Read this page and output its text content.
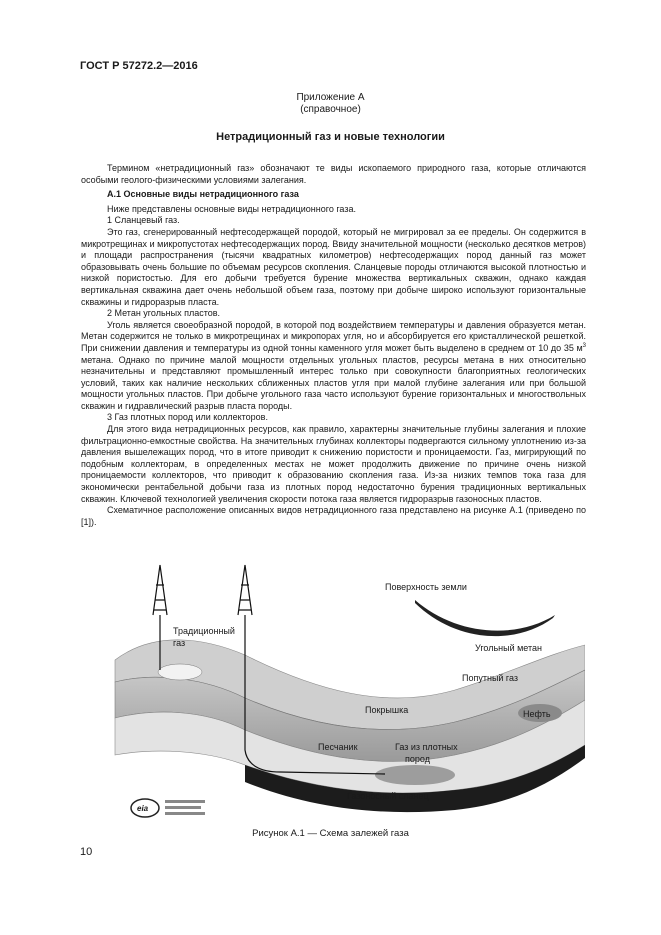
ГОСТ Р 57272.2—2016
Приложение А
(справочное)
Нетрадиционный газ и новые технологии

Термином «нетрадиционный газ» обозначают те виды ископаемого природного газа, которые отличаются особыми геолого-физическими условиями залегания.

А.1 Основные виды нетрадиционного газа

Ниже представлены основные виды нетрадиционного газа.

1 Сланцевый газ.

Это газ, сгенерированный нефтесодержащей породой, который не мигрировал за ее пределы. Он содержится в микротрещинах и микропустотах нефтесодержащих пород. Ввиду значительной мощности (несколько десятков метров) и площади распространения (тысячи квадратных километров) нефтесодержащих пород данный газ может образовывать очень большие по объемам ресурсов скопления. Сланцевые породы отличаются высокой плотностью и низкой пористостью. Для его добычи требуется бурение множества вертикальных скважин, однако каждая вертикальная скважина дает очень небольшой объем газа, поэтому при добыче широко используют горизонтальные скважины и гидроразрыв пласта.

2 Метан угольных пластов.

Уголь является своеобразной породой, в которой под воздействием температуры и давления образуется метан. Метан содержится не только в микротрещинах и микропорах угля, но и абсорбируется его кристаллической решеткой. При снижении давления и температуры из одной тонны каменного угля может быть выделено в среднем от 10 до 35 $м^3$ метана. Однако по причине малой мощности отдельных угольных пластов, ресурсы метана в них относительно незначительны и представляют промышленный интерес только при совокупности благоприятных геологических условий, таких как наличие нескольких сближенных пластов угля при малой глубине залегания или при большой мощности угольных пластов. При добыче угольного газа часто используют бурение горизонтальных и многоствольных скважин и гидравлический разрыв пласта породы.

3 Газ плотных пород или коллекторов.

Для этого вида нетрадиционных ресурсов, как правило, характерны значительные глубины залегания и плохие фильтрационно-емкостные свойства. На значительных глубинах коллекторы подвергаются сильному уплотнению из-за давления вышележащих пород, что в итоге приводит к снижению пористости и проницаемости. Газ, мигрирующий по подобным коллекторам, в определенных местах не может продолжить движение по причине очень низкой проницаемости коллекторов, что приводит к образованию скопления газа. Из-за низких темпов тока газа для экономически рентабельной добычи газа из плотных пород недостаточно бурения традиционных вертикальных скважин. Ключевой технологией увеличения скорости потока газа является гидроразрыв газоносных пластов.

Схематичное расположение описанных видов нетрадиционного газа представлено на рисунке А.1 (приведено по [1]).

eia
Поверхность земли
Угольный метан
Традиционный
газ
Попутный газ
Нефть
Покрышка
Песчаник	Газ из плотных
пород
Газоносный сланец
Рисунок А.1 — Схема залежей газа
10
